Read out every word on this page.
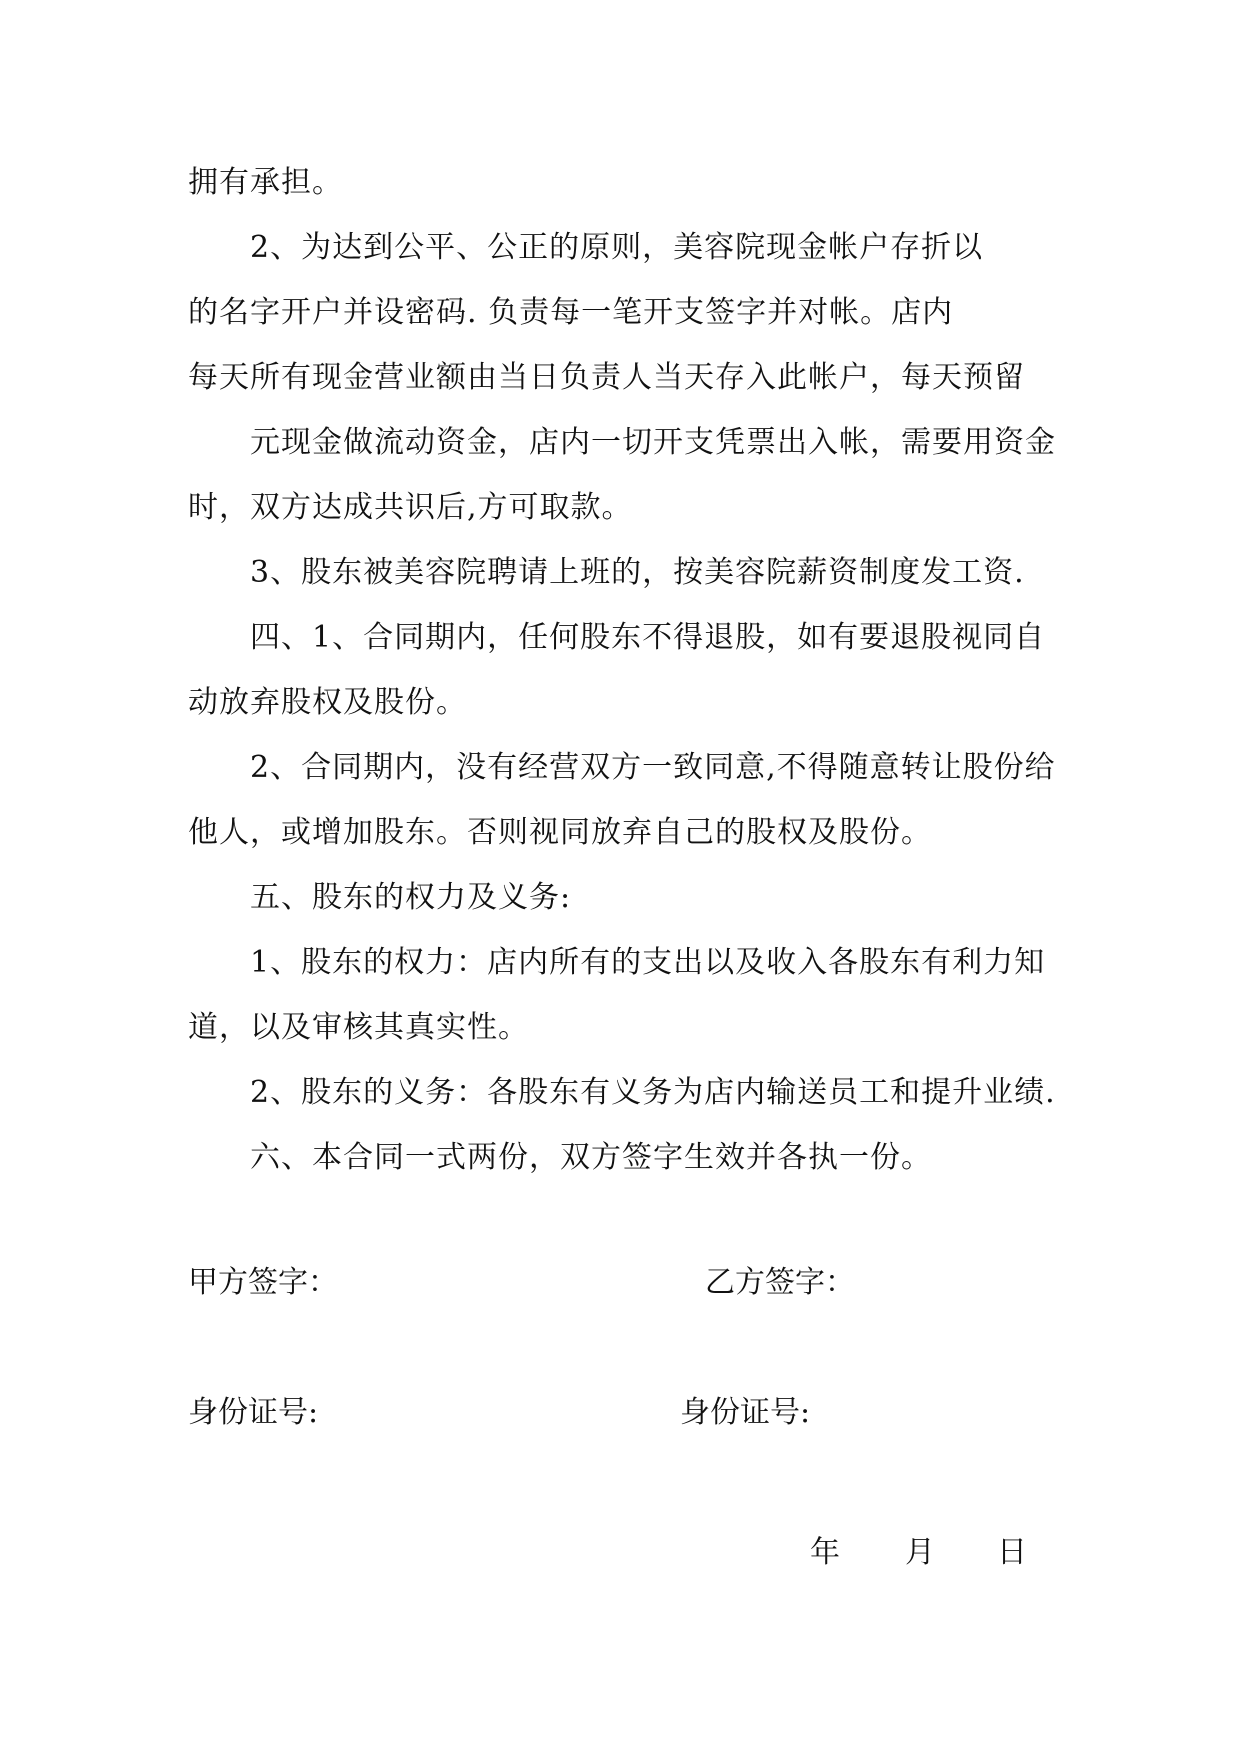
拥有承担。
2、为达到公平、公正的原则，美容院现金帐户存折以
的名字开户并设密码. 负责每一笔开支签字并对帐。店内
每天所有现金营业额由当日负责人当天存入此帐户，每天预留
元现金做流动资金，店内一切开支凭票出入帐，需要用资金
时，双方达成共识后,方可取款。
3、股东被美容院聘请上班的，按美容院薪资制度发工资.
四、1、合同期内，任何股东不得退股，如有要退股视同自
动放弃股权及股份。
2、合同期内，没有经营双方一致同意,不得随意转让股份给
他人，或增加股东。否则视同放弃自己的股权及股份。
五、股东的权力及义务:
1、股东的权力：店内所有的支出以及收入各股东有利力知
道，以及审核其真实性。
2、股东的义务：各股东有义务为店内输送员工和提升业绩.
六、本合同一式两份，双方签字生效并各执一份。
甲方签字：	乙方签字：
身份证号:	身份证号:
年 月 日
